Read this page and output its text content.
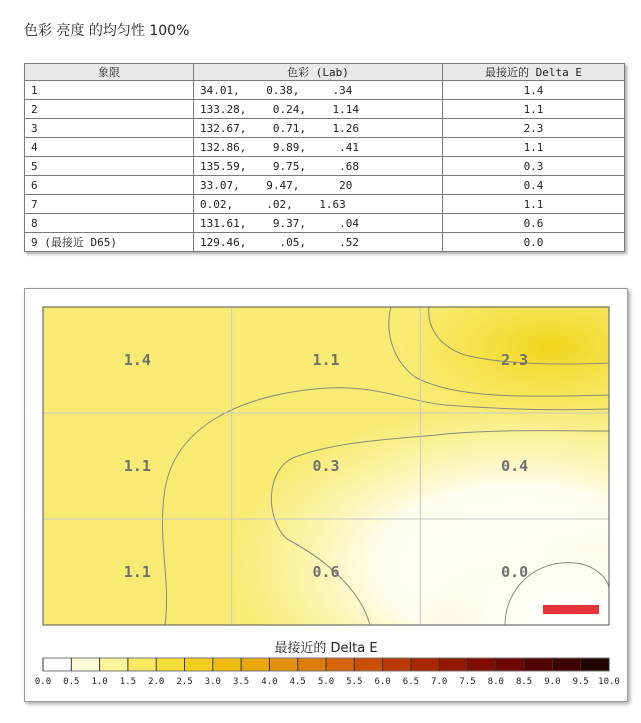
色彩 亮度 的均匀性 100%
象限	色彩 (Lab)	最接近的 Delta E
1	34.01,    0.38,     .34	1.4
2	133.28,    0.24,    1.14	1.1
3	132.67,    0.71,    1.26	2.3
4	132.86,    9.89,     .41	1.1
5	135.59,    9.75,     .68	0.3
6	33.07,    9.47,      20	0.4
7	0.02,     .02,    1.63	1.1
8	131.61,    9.37,     .04	0.6
9 (最接近 D65)	129.46,     .05,     .52	0.0
1.4	1.1	2.3
1.1	0.3	0.4
1.1	0.6	0.0
最接近的 Delta E
0.0 0.5 1.0 1.5 2.0 2.5 3.0 3.5 4.0 4.5 5.0 5.5 6.0 6.5 7.0 7.5 8.0 8.5 9.0 9.5 10.0
